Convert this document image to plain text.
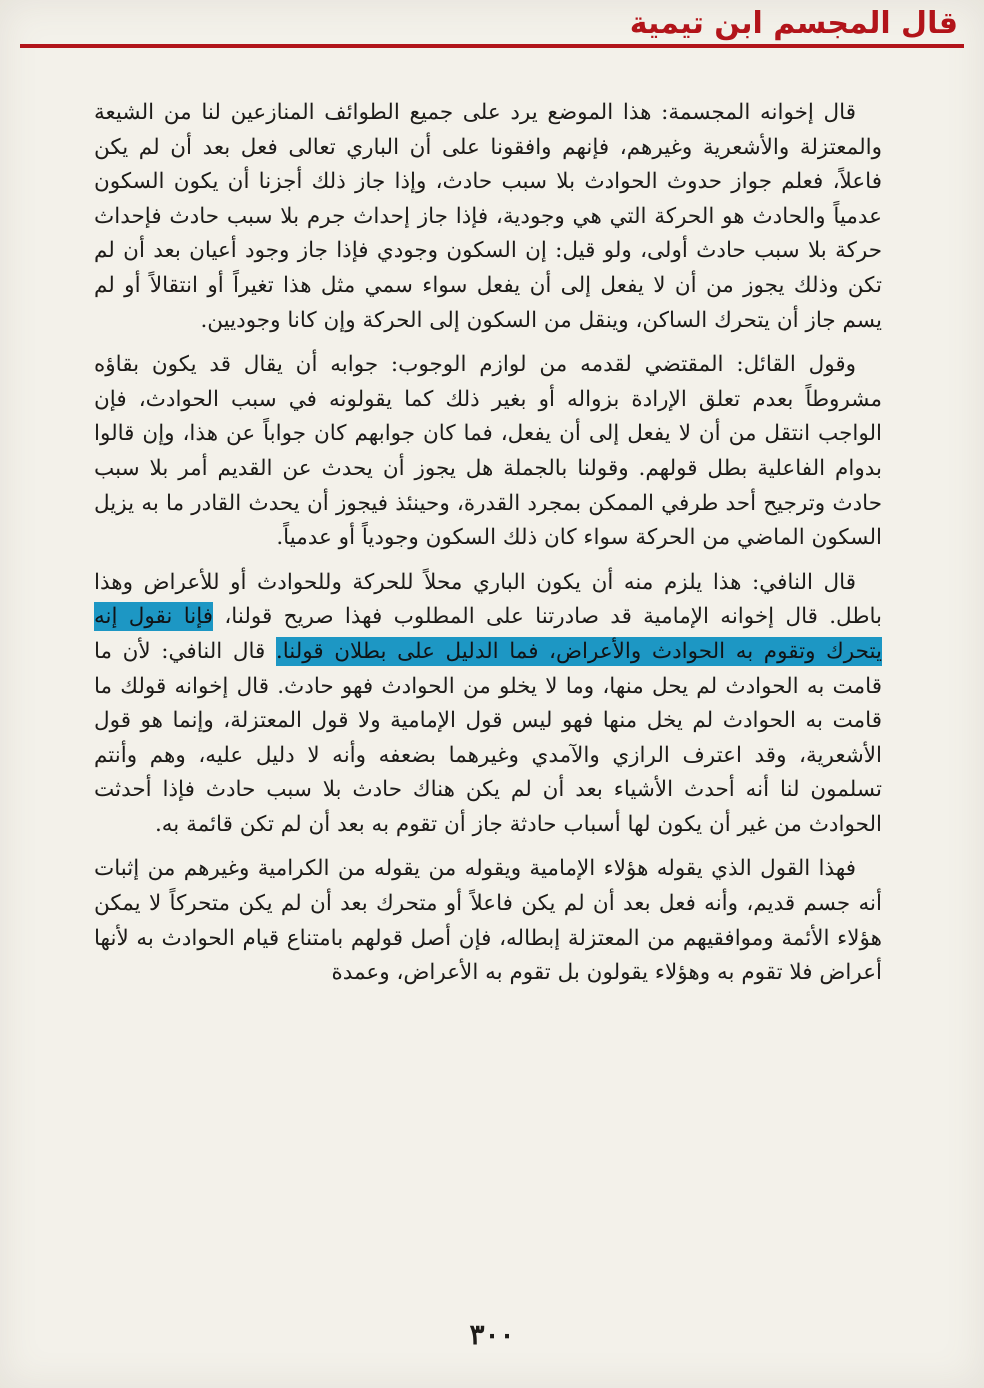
قال المجسم ابن تيمية

قال إخوانه المجسمة: هذا الموضع يرد على جميع الطوائف المنازعين لنا من الشيعة والمعتزلة والأشعرية وغيرهم، فإنهم وافقونا على أن الباري تعالى فعل بعد أن لم يكن فاعلاً، فعلم جواز حدوث الحوادث بلا سبب حادث، وإذا جاز ذلك أجزنا أن يكون السكون عدمياً والحادث هو الحركة التي هي وجودية، فإذا جاز إحداث جرم بلا سبب حادث فإحداث حركة بلا سبب حادث أولى، ولو قيل: إن السكون وجودي فإذا جاز وجود أعيان بعد أن لم تكن وذلك يجوز من أن لا يفعل إلى أن يفعل سواء سمي مثل هذا تغيراً أو انتقالاً أو لم يسم جاز أن يتحرك الساكن، وينقل من السكون إلى الحركة وإن كانا وجوديين.

وقول القائل: المقتضي لقدمه من لوازم الوجوب: جوابه أن يقال قد يكون بقاؤه مشروطاً بعدم تعلق الإرادة بزواله أو بغير ذلك كما يقولونه في سبب الحوادث، فإن الواجب انتقل من أن لا يفعل إلى أن يفعل، فما كان جوابهم كان جواباً عن هذا، وإن قالوا بدوام الفاعلية بطل قولهم. وقولنا بالجملة هل يجوز أن يحدث عن القديم أمر بلا سبب حادث وترجيح أحد طرفي الممكن بمجرد القدرة، وحينئذ فيجوز أن يحدث القادر ما به يزيل السكون الماضي من الحركة سواء كان ذلك السكون وجودياً أو عدمياً.

قال النافي: هذا يلزم منه أن يكون الباري محلاً للحركة وللحوادث أو للأعراض وهذا باطل. قال إخوانه الإمامية قد صادرتنا على المطلوب فهذا صريح قولنا، فإنا نقول إنه يتحرك وتقوم به الحوادث والأعراض، فما الدليل على بطلان قولنا. قال النافي: لأن ما قامت به الحوادث لم يحل منها، وما لا يخلو من الحوادث فهو حادث. قال إخوانه قولك ما قامت به الحوادث لم يخل منها فهو ليس قول الإمامية ولا قول المعتزلة، وإنما هو قول الأشعرية، وقد اعترف الرازي والآمدي وغيرهما بضعفه وأنه لا دليل عليه، وهم وأنتم تسلمون لنا أنه أحدث الأشياء بعد أن لم يكن هناك حادث بلا سبب حادث فإذا أحدثت الحوادث من غير أن يكون لها أسباب حادثة جاز أن تقوم به بعد أن لم تكن قائمة به.

فهذا القول الذي يقوله هؤلاء الإمامية ويقوله من يقوله من الكرامية وغيرهم من إثبات أنه جسم قديم، وأنه فعل بعد أن لم يكن فاعلاً أو متحرك بعد أن لم يكن متحركاً لا يمكن هؤلاء الأئمة وموافقيهم من المعتزلة إبطاله، فإن أصل قولهم بامتناع قيام الحوادث به لأنها أعراض فلا تقوم به وهؤلاء يقولون بل تقوم به الأعراض، وعمدة

٣٠٠
